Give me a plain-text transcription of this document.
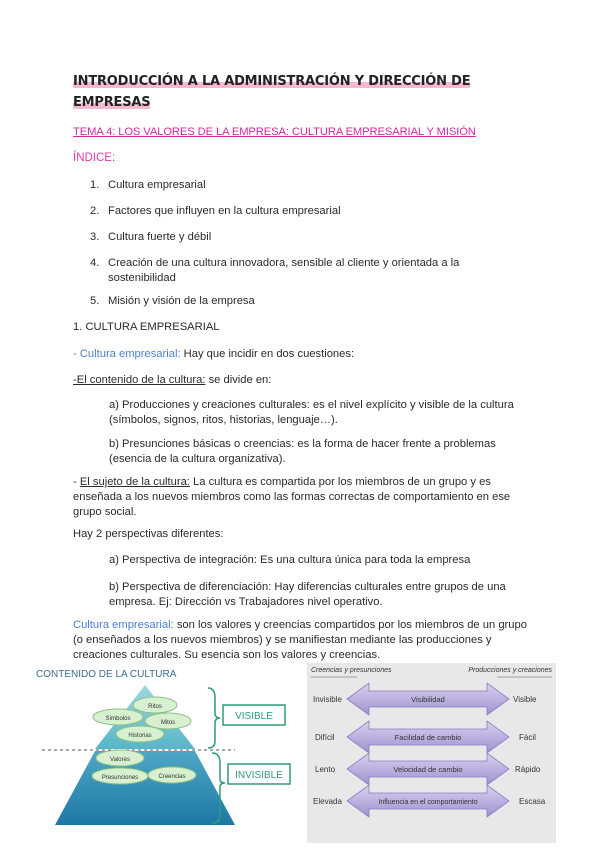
INTRODUCCIÓN A LA ADMINISTRACIÓN Y DIRECCIÓN DE EMPRESAS
TEMA 4: LOS VALORES DE LA EMPRESA: CULTURA EMPRESARIAL Y MISIÓN
ÍNDICE:
1. Cultura empresarial
2. Factores que influyen en la cultura empresarial
3. Cultura fuerte y débil
4. Creación de una cultura innovadora, sensible al cliente y orientada a la sostenibilidad
5. Misión y visión de la empresa
1. CULTURA EMPRESARIAL
- Cultura empresarial: Hay que incidir en dos cuestiones:
-El contenido de la cultura: se divide en:
a) Producciones y creaciones culturales: es el nivel explícito y visible de la cultura (símbolos, signos, ritos, historias, lenguaje…).
b) Presunciones básicas o creencias: es la forma de hacer frente a problemas (esencia de la cultura organizativa).
- El sujeto de la cultura: La cultura es compartida por los miembros de un grupo y es enseñada a los nuevos miembros como las formas correctas de comportamiento en ese grupo social.
Hay 2 perspectivas diferentes:
a) Perspectiva de integración: Es una cultura única para toda la empresa
b) Perspectiva de diferenciación: Hay diferencias culturales entre grupos de una empresa. Ej: Dirección vs Trabajadores nivel operativo.
Cultura empresarial: son los valores y creencias compartidos por los miembros de un grupo (o enseñados a los nuevos miembros) y se manifiestan mediante las producciones y creaciones culturales. Su esencia son los valores y creencias.
CONTENIDO DE LA CULTURA
Ritos
Símbolos
Mitos
Historias
Valores
Presunciones	Creencias
VISIBLE
INVISIBLE
Creencias y presunciones	Producciones y creaciones
Invisible	Visibilidad	Visible
Difícil	Facilidad de cambio	Fácil
Lento	Velocidad de cambio	Rápido
Elevada	Influencia en el comportamiento	Escasa
